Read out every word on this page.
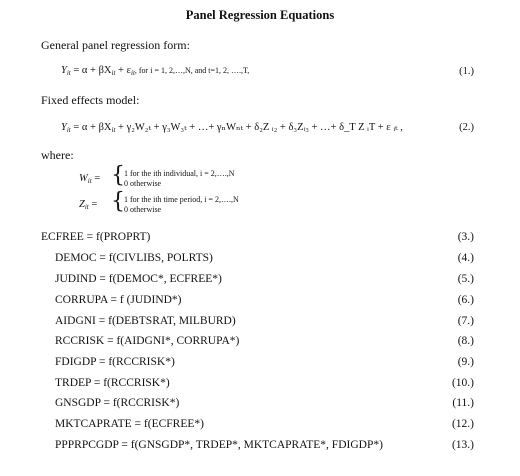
Panel Regression Equations
General panel regression form:
$Y_{it} = \alpha + \beta X_{it} + \varepsilon_{it}$, for i = 1, 2,…,N, and t=1, 2, ….,T,	(1.)
Fixed effects model:
$Y_{it} = \alpha + \beta X_{it} + \gamma_2W_{2t} + \gamma_3W_{3t}$ + …+ γₙWₙₜ + δ₂Z ᵢ₂ + δ₃Zᵢ₃ + …+ δ_T Z ᵢT + ε ᵢₜ ,	(2.)
where:
$W_{it}$ = { 1 for the ith individual, i = 2,….,N
0 otherwise
$Z_{it}$ = { 1 for the ith time period, i = 2,….,N
0 otherwise
ECFREE = f(PROPRT)	(3.)
DEMOC = f(CIVLIBS, POLRTS)	(4.)
JUDIND = f(DEMOC*, ECFREE*)	(5.)
CORRUPA = f (JUDIND*)	(6.)
AIDGNI = f(DEBTSRAT, MILBURD)	(7.)
RCCRISK = f(AIDGNI*, CORRUPA*)	(8.)
FDIGDP = f(RCCRISK*)	(9.)
TRDEP = f(RCCRISK*)	(10.)
GNSGDP = f(RCCRISK*)	(11.)
MKTCAPRATE = f(ECFREE*)	(12.)
PPPRPCGDP = f(GNSGDP*, TRDEP*, MKTCAPRATE*, FDIGDP*)	(13.)
